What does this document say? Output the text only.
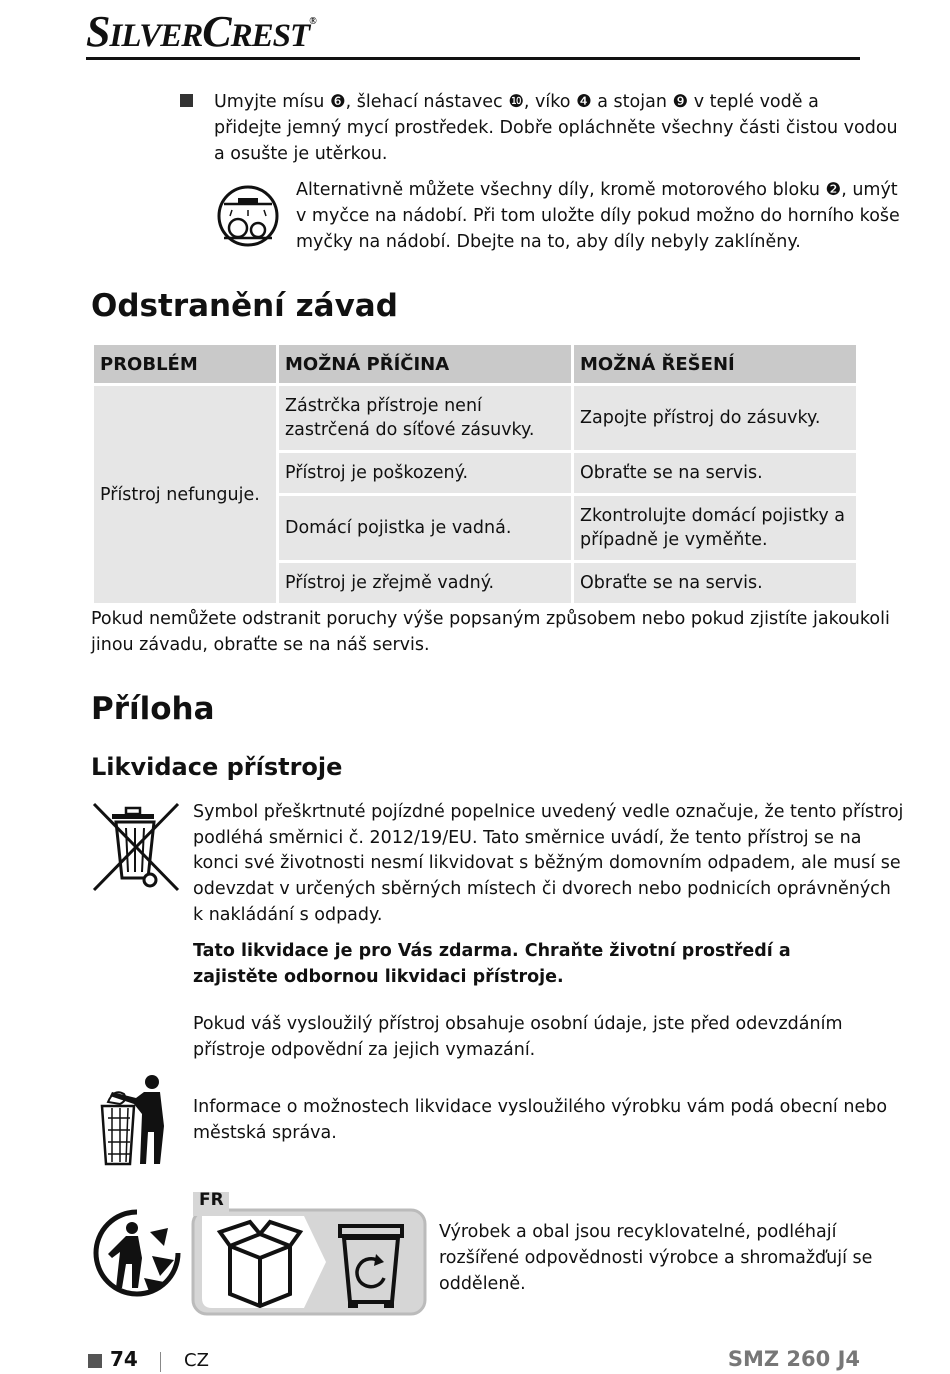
SILVERCREST®
Umyjte mísu ❻, šlehací nástavec ❿, víko ❹ a stojan ❾ v teplé vodě a
přidejte jemný mycí prostředek. Dobře opláchněte všechny části čistou vodou
a osušte je utěrkou.
Alternativně můžete všechny díly, kromě motorového bloku ❷, umýt
v myčce na nádobí. Při tom uložte díly pokud možno do horního koše
myčky na nádobí. Dbejte na to, aby díly nebyly zaklíněny.
Odstranění závad
PROBLÉM	MOŽNÁ PŘÍČINA	MOŽNÁ ŘEŠENÍ
Přístroj nefunguje.	Zástrčka přístroje není zastrčená do síťové zásuvky.	Zapojte přístroj do zásuvky.
	Přístroj je poškozený.	Obraťte se na servis.
	Domácí pojistka je vadná.	Zkontrolujte domácí pojistky a případně je vyměňte.
	Přístroj je zřejmě vadný.	Obraťte se na servis.
Pokud nemůžete odstranit poruchy výše popsaným způsobem nebo pokud zjistíte jakoukoli
jinou závadu, obraťte se na náš servis.
Příloha
Likvidace přístroje
Symbol přeškrtnuté pojízdné popelnice uvedený vedle označuje, že tento přístroj
podléhá směrnici č. 2012/19/EU. Tato směrnice uvádí, že tento přístroj se na
konci své životnosti nesmí likvidovat s běžným domovním odpadem, ale musí se
odevzdat v určených sběrných místech či dvorech nebo podnicích oprávněných
k nakládání s odpady.
Tato likvidace je pro Vás zdarma. Chraňte životní prostředí a
zajistěte odbornou likvidaci přístroje.
Pokud váš vysloužilý přístroj obsahuje osobní údaje, jste před odevzdáním
přístroje odpovědní za jejich vymazání.
Informace o možnostech likvidace vysloužilého výrobku vám podá obecní nebo
městská správa.
FR
Výrobek a obal jsou recyklovatelné, podléhají
rozšířené odpovědnosti výrobce a shromažďují se
odděleně.
74	CZ	SMZ 260 J4
